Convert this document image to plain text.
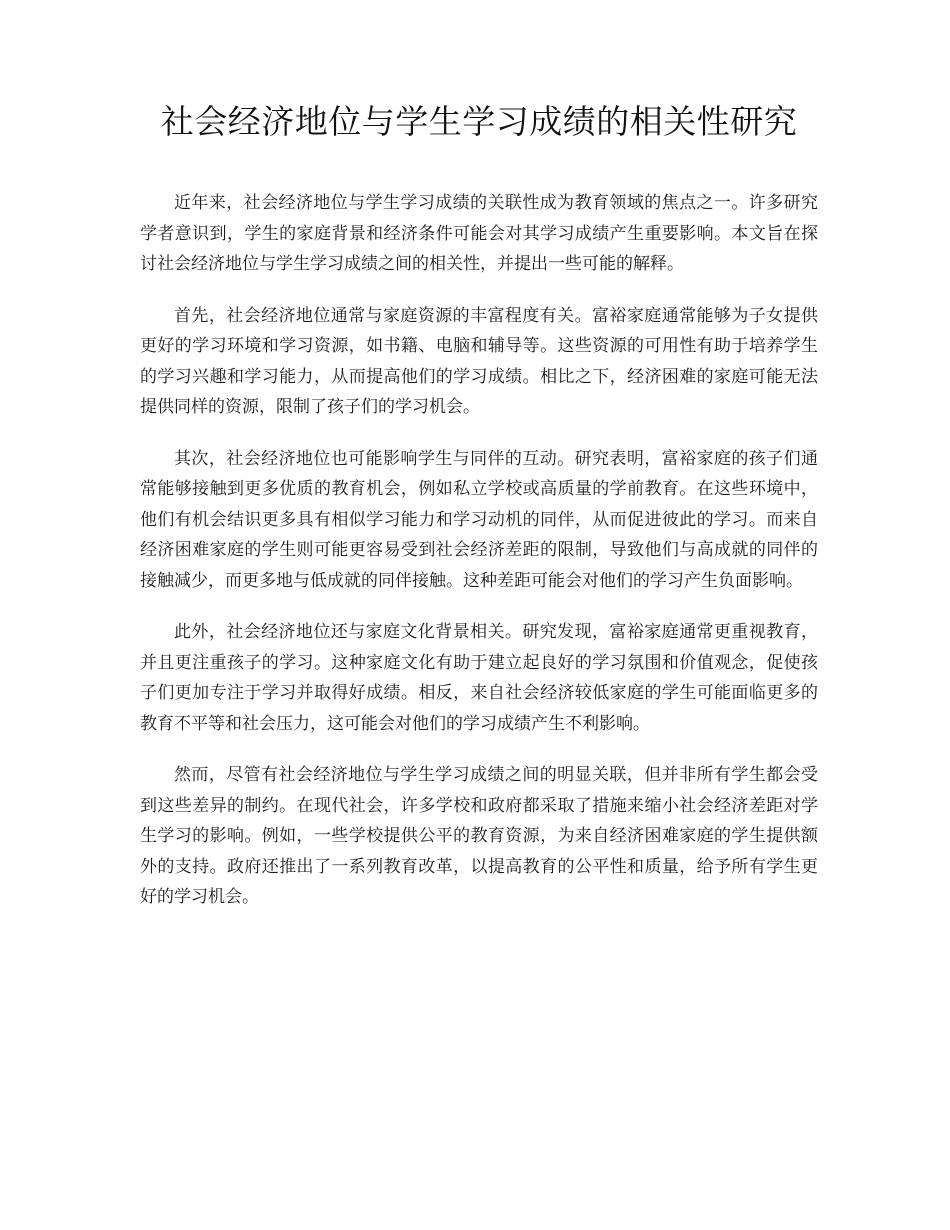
社会经济地位与学生学习成绩的相关性研究

近年来，社会经济地位与学生学习成绩的关联性成为教育领域的焦点之一。许多研究学者意识到，学生的家庭背景和经济条件可能会对其学习成绩产生重要影响。本文旨在探讨社会经济地位与学生学习成绩之间的相关性，并提出一些可能的解释。

首先，社会经济地位通常与家庭资源的丰富程度有关。富裕家庭通常能够为子女提供更好的学习环境和学习资源，如书籍、电脑和辅导等。这些资源的可用性有助于培养学生的学习兴趣和学习能力，从而提高他们的学习成绩。相比之下，经济困难的家庭可能无法提供同样的资源，限制了孩子们的学习机会。

其次，社会经济地位也可能影响学生与同伴的互动。研究表明，富裕家庭的孩子们通常能够接触到更多优质的教育机会，例如私立学校或高质量的学前教育。在这些环境中，他们有机会结识更多具有相似学习能力和学习动机的同伴，从而促进彼此的学习。而来自经济困难家庭的学生则可能更容易受到社会经济差距的限制，导致他们与高成就的同伴的接触减少，而更多地与低成就的同伴接触。这种差距可能会对他们的学习产生负面影响。

此外，社会经济地位还与家庭文化背景相关。研究发现，富裕家庭通常更重视教育，并且更注重孩子的学习。这种家庭文化有助于建立起良好的学习氛围和价值观念，促使孩子们更加专注于学习并取得好成绩。相反，来自社会经济较低家庭的学生可能面临更多的教育不平等和社会压力，这可能会对他们的学习成绩产生不利影响。

然而，尽管有社会经济地位与学生学习成绩之间的明显关联，但并非所有学生都会受到这些差异的制约。在现代社会，许多学校和政府都采取了措施来缩小社会经济差距对学生学习的影响。例如，一些学校提供公平的教育资源，为来自经济困难家庭的学生提供额外的支持。政府还推出了一系列教育改革，以提高教育的公平性和质量，给予所有学生更好的学习机会。
